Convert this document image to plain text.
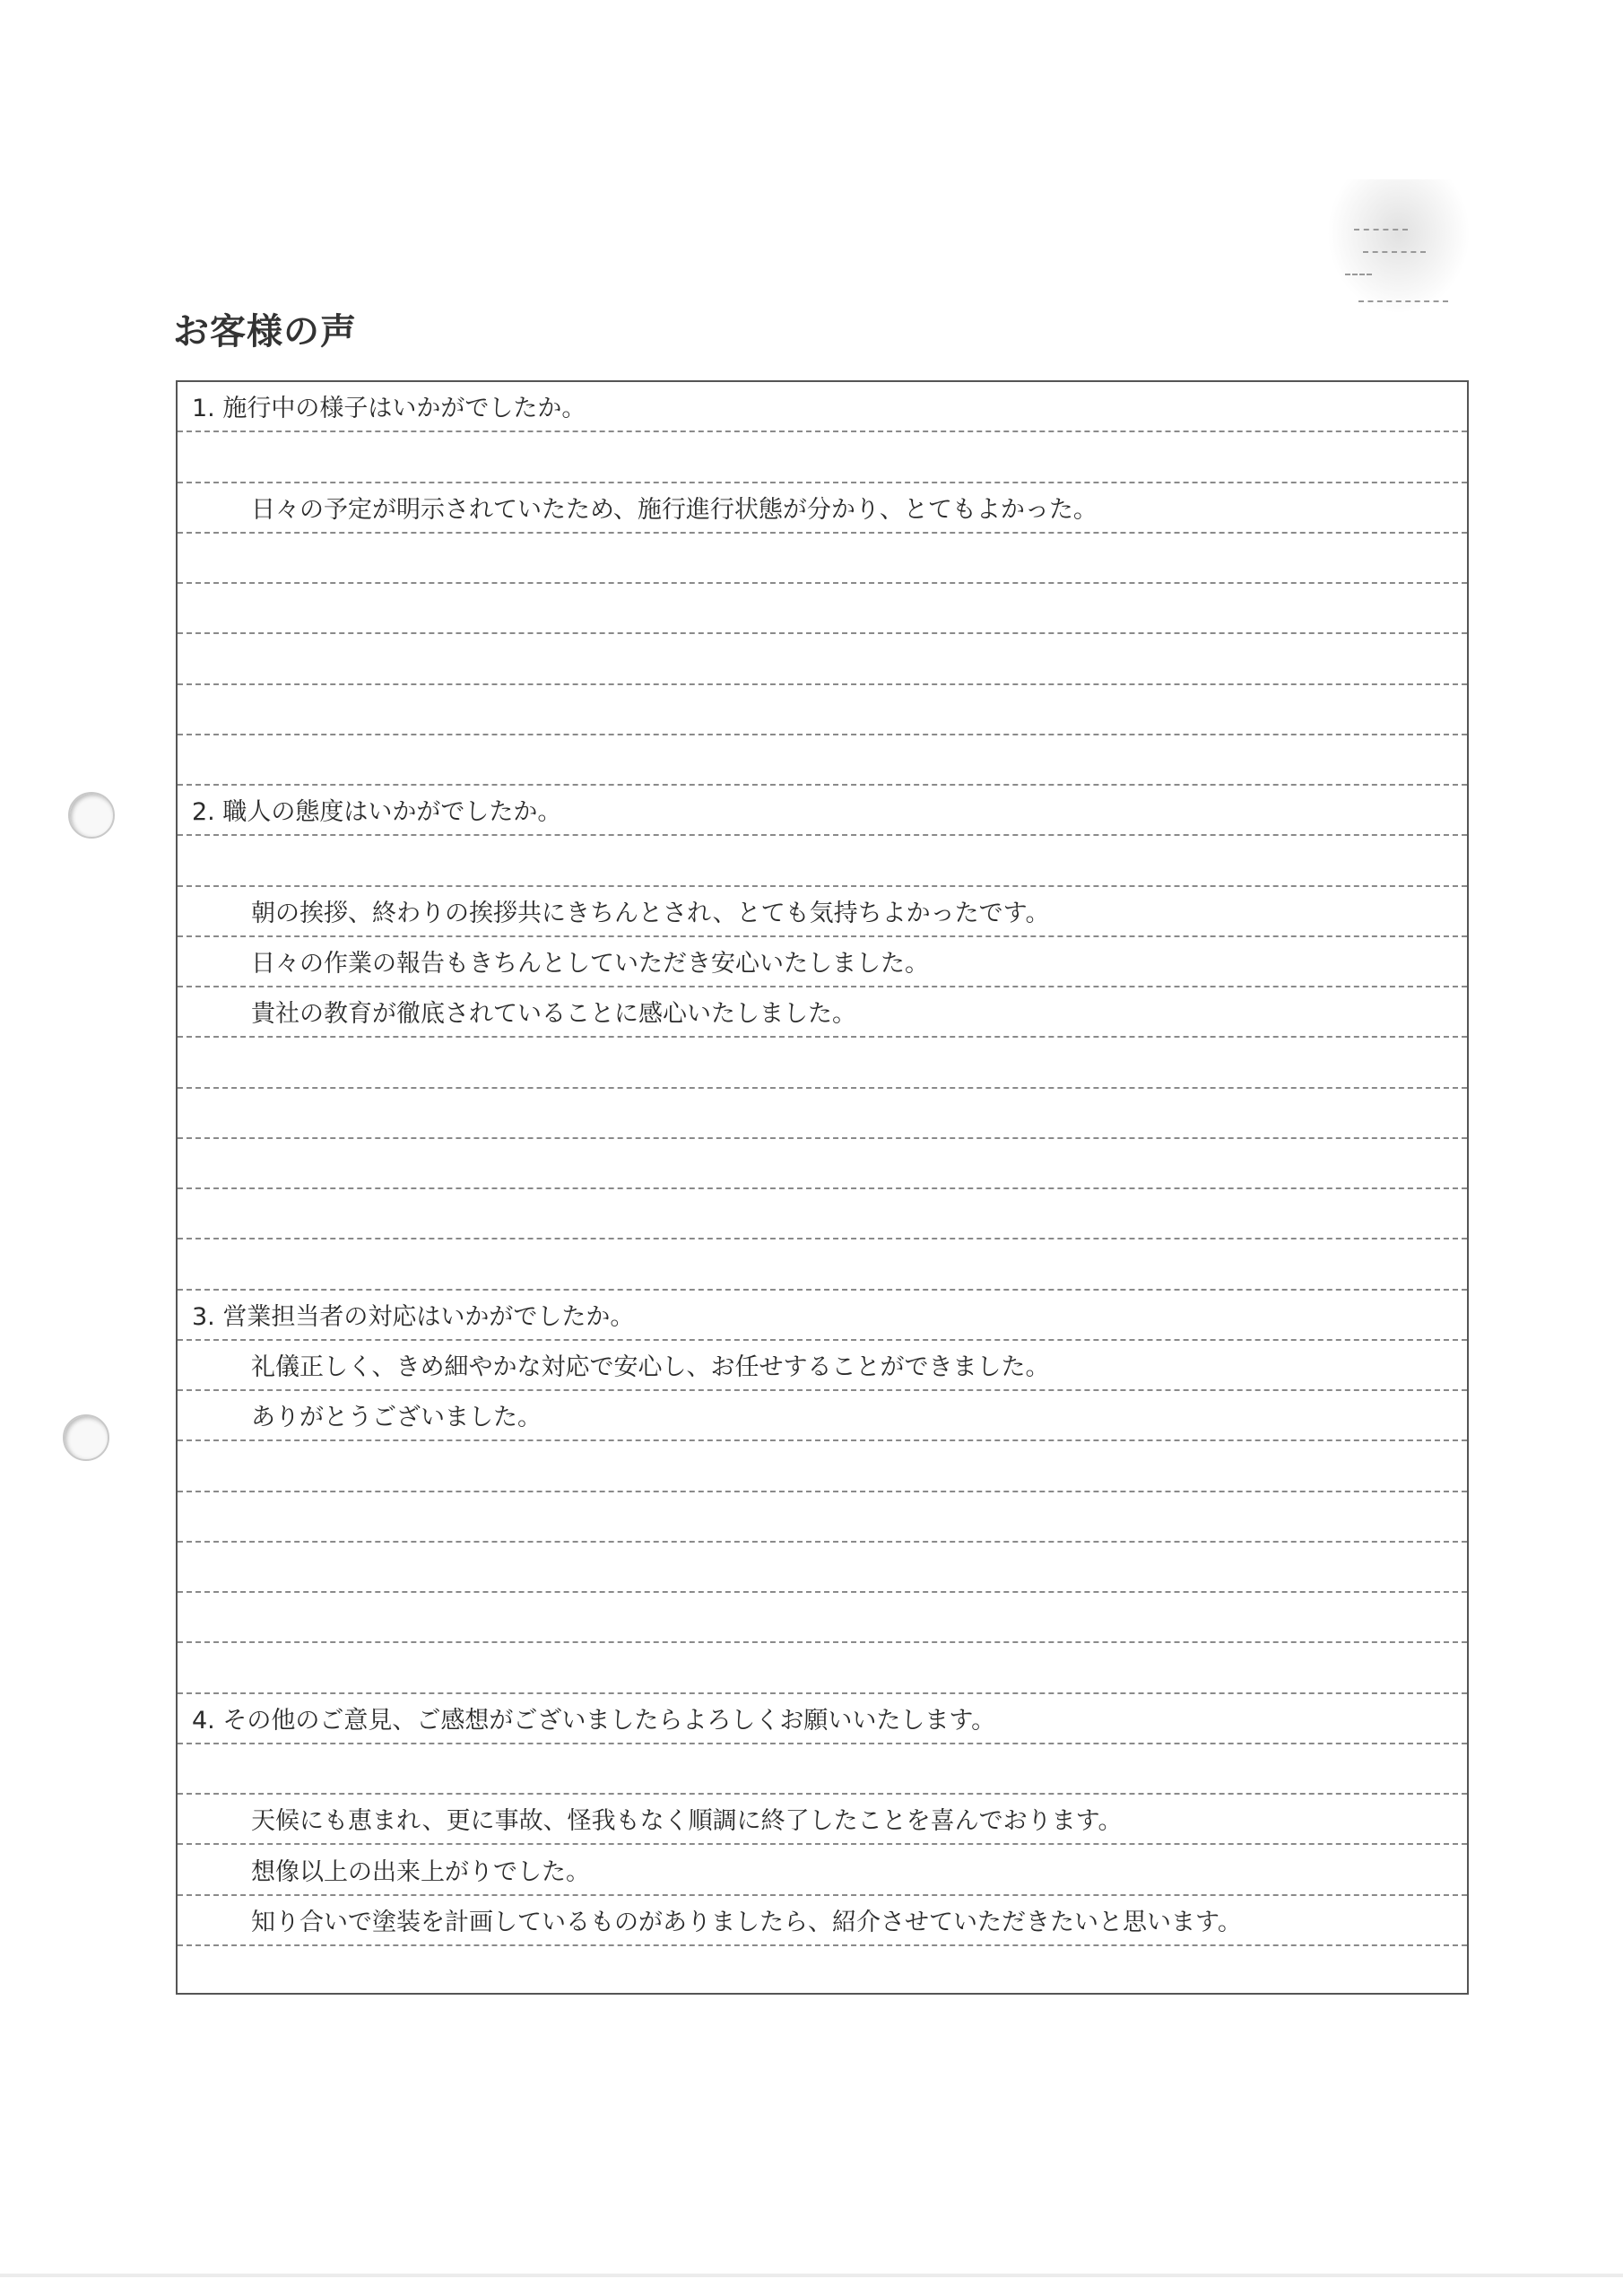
お客様の声
1. 施行中の様子はいかがでしたか。
日々の予定が明示されていたため、施行進行状態が分かり、とてもよかった。
2. 職人の態度はいかがでしたか。
朝の挨拶、終わりの挨拶共にきちんとされ、とても気持ちよかったです。
日々の作業の報告もきちんとしていただき安心いたしました。
貴社の教育が徹底されていることに感心いたしました。
3. 営業担当者の対応はいかがでしたか。
礼儀正しく、きめ細やかな対応で安心し、お任せすることができました。
ありがとうございました。
4. その他のご意見、ご感想がございましたらよろしくお願いいたします。
天候にも恵まれ、更に事故、怪我もなく順調に終了したことを喜んでおります。
想像以上の出来上がりでした。
知り合いで塗装を計画しているものがありましたら、紹介させていただきたいと思います。
